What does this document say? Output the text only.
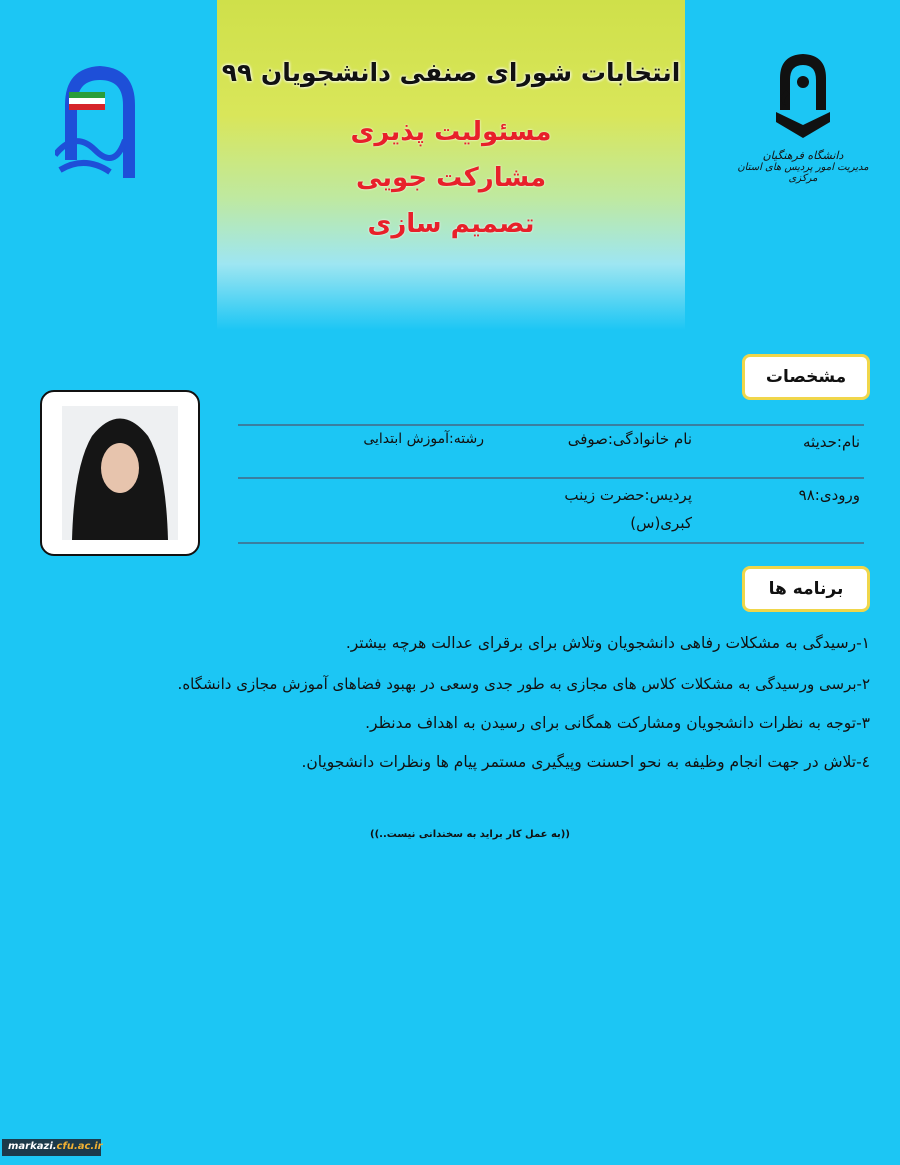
انتخابات شورای صنفی دانشجویان ۹۹
مسئولیت پذیری
مشارکت جویی
تصمیم سازی
دانشگاه فرهنگیان
مدیریت امور پردیس های استان مرکزی
مشخصات
نام:حدیثه
نام خانوادگی:صوفی
رشته:آموزش ابتدایی
ورودی:۹۸
پردیس:حضرت زینب
کبری(س)
برنامه ها
۱-رسیدگی به مشکلات رفاهی دانشجویان وتلاش برای برقرای عدالت هرچه بیشتر.
۲-برسی ورسیدگی به مشکلات کلاس های مجازی به طور جدی وسعی در بهبود فضاهای آموزش مجازی دانشگاه.
۳-توجه به نظرات دانشجویان ومشارکت همگانی برای رسیدن به اهداف مدنظر.
٤-تلاش در جهت انجام وظیفه به نحو احسنت وپیگیری مستمر پیام ها ونظرات دانشجویان.
((به عمل کار براید به سخندانی نیست..))
markazi.cfu.ac.ir
